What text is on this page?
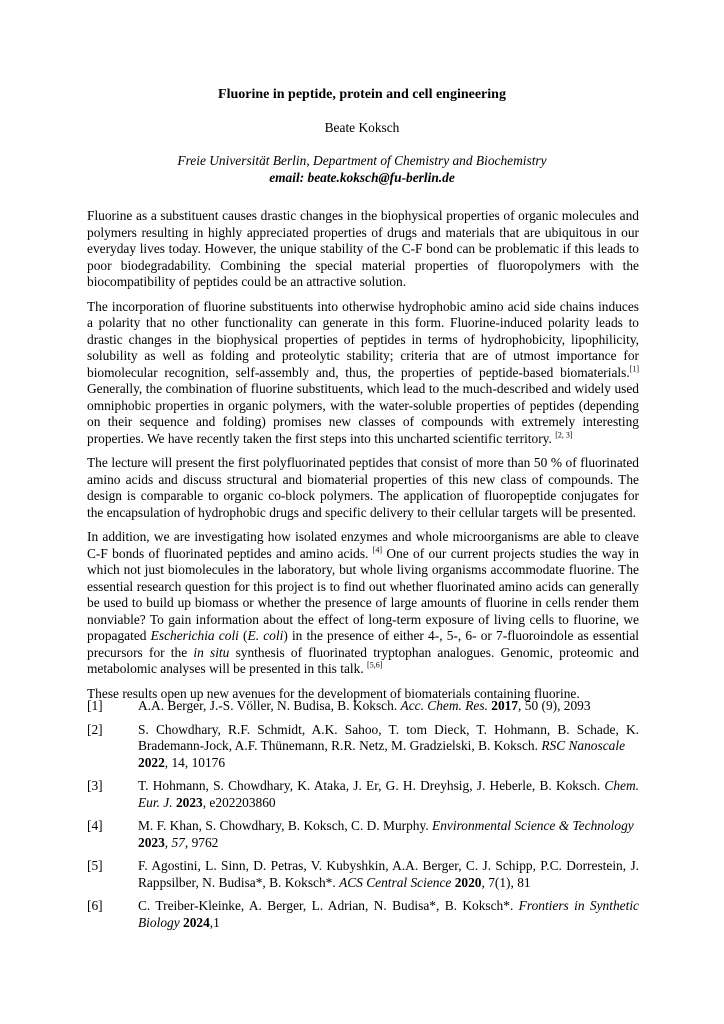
Fluorine in peptide, protein and cell engineering
Beate Koksch
Freie Universität Berlin, Department of Chemistry and Biochemistry
email: beate.koksch@fu-berlin.de

Fluorine as a substituent causes drastic changes in the biophysical properties of organic molecules and polymers resulting in highly appreciated properties of drugs and materials that are ubiquitous in our everyday lives today. However, the unique stability of the C-F bond can be problematic if this leads to poor biodegradability. Combining the special material properties of fluoropolymers with the biocompatibility of peptides could be an attractive solution.

The incorporation of fluorine substituents into otherwise hydrophobic amino acid side chains induces a polarity that no other functionality can generate in this form. Fluorine-induced polarity leads to drastic changes in the biophysical properties of peptides in terms of hydrophobicity, lipophilicity, solubility as well as folding and proteolytic stability; criteria that are of utmost importance for biomolecular recognition, self-assembly and, thus, the properties of peptide-based biomaterials.[1] Generally, the combination of fluorine substituents, which lead to the much-described and widely used omniphobic properties in organic polymers, with the water-soluble properties of peptides (depending on their sequence and folding) promises new classes of compounds with extremely interesting properties. We have recently taken the first steps into this uncharted scientific territory. [2, 3]

The lecture will present the first polyfluorinated peptides that consist of more than 50 % of fluorinated amino acids and discuss structural and biomaterial properties of this new class of compounds. The design is comparable to organic co-block polymers. The application of fluoropeptide conjugates for the encapsulation of hydrophobic drugs and specific delivery to their cellular targets will be presented.

In addition, we are investigating how isolated enzymes and whole microorganisms are able to cleave C-F bonds of fluorinated peptides and amino acids. [4] One of our current projects studies the way in which not just biomolecules in the laboratory, but whole living organisms accommodate fluorine. The essential research question for this project is to find out whether fluorinated amino acids can generally be used to build up biomass or whether the presence of large amounts of fluorine in cells render them nonviable? To gain information about the effect of long-term exposure of living cells to fluorine, we propagated Escherichia coli (E. coli) in the presence of either 4-, 5-, 6- or 7-fluoroindole as essential precursors for the in situ synthesis of fluorinated tryptophan analogues. Genomic, proteomic and metabolomic analyses will be presented in this talk. [5,6]

These results open up new avenues for the development of biomaterials containing fluorine.

[1]	A.A. Berger, J.-S. Völler, N. Budisa, B. Koksch. Acc. Chem. Res. 2017, 50 (9), 2093
[2]	S. Chowdhary, R.F. Schmidt, A.K. Sahoo, T. tom Dieck, T. Hohmann, B. Schade, K. Brademann-Jock, A.F. Thünemann, R.R. Netz, M. Gradzielski, B. Koksch. RSC Nanoscale
2022, 14, 10176
[3]	T. Hohmann, S. Chowdhary, K. Ataka, J. Er, G. H. Dreyhsig, J. Heberle, B. Koksch. Chem. Eur. J. 2023, e202203860
[4]	M. F. Khan, S. Chowdhary, B. Koksch, C. D. Murphy. Environmental Science & Technology
2023, 57, 9762
[5]	F. Agostini, L. Sinn, D. Petras, V. Kubyshkin, A.A. Berger, C. J. Schipp, P.C. Dorrestein, J. Rappsilber, N. Budisa*, B. Koksch*. ACS Central Science 2020, 7(1), 81
[6]	C. Treiber-Kleinke, A. Berger, L. Adrian, N. Budisa*, B. Koksch*. Frontiers in Synthetic Biology 2024,1
